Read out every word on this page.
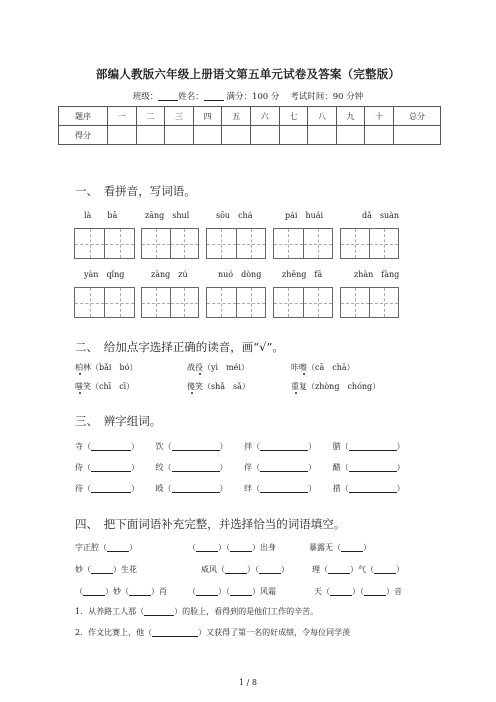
部编人教版六年级上册语文第五单元试卷及答案（完整版）
班级： 姓名：	满分：100 分 考试时间：90 分钟
题序	一	二	三	四	五	六	七	八	九	十	总分
得分											
一、　看拼音，写词语。
là　　bā	zāng　shuǐ	sōu　chá	pái　huái	dǎ　suàn
yàn　qǐng	zàng　zú	nuó　dòng	zhēng　fā	zhàn　fàng
二、　给加点字选择正确的读音，画“√”。
柏林（bǎi　bó）	战役（yì　méi）	咔嚓（cā　chā）
嗤笑（chī　cī）	傻笑（shǎ　sǎ）	重复（zhòng　chóng）
三、　辨字组词。
寺（	） 饮（	） 拌（	） 腊（	）
侍（	） 绞（	） 伴（	） 醋（	）
待（	） 殴（	） 绊（	） 措（	）
四、　把下面词语补充完整，并选择恰当的词语填空。
字正腔（	）	（	）（	）出身	暴露无（	）
妙（	）生花	威风（	）（	）	理（	）气（	）
（	）妙（	）肖	（	）（	）风霜	天（	）（	）音
1．从养路工人那（	）的脸上，看得到的是他们工作的辛苦。
2．作文比赛上，他（	）又获得了第一名的好成绩，令每位同学羡
1 / 8
